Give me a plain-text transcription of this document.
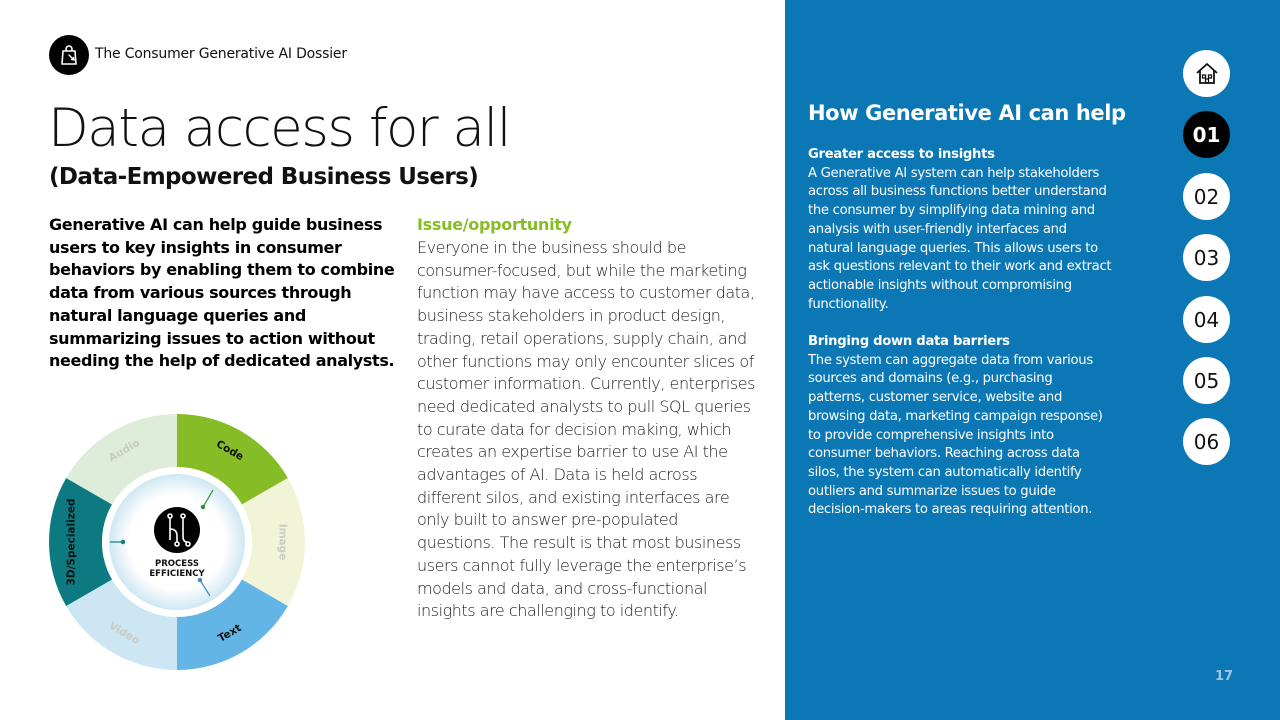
The Consumer Generative AI Dossier
Data access for all
(Data-Empowered Business Users)

Generative AI can help guide business users to key insights in consumer behaviors by enabling them to combine data from various sources through natural language queries and summarizing issues to action without needing the help of dedicated analysts.

Issue/opportunity

Everyone in the business should be consumer-focused, but while the marketing function may have access to customer data, business stakeholders in product design, trading, retail operations, supply chain, and other functions may only encounter slices of customer information. Currently, enterprises need dedicated analysts to pull SQL queries to curate data for decision making, which creates an expertise barrier to use AI the advantages of AI. Data is held across different silos, and existing interfaces are only built to answer pre-populated questions. The result is that most business users cannot fully leverage the enterprise’s models and data, and cross-functional insights are challenging to identify.

PROCESS
EFFICIENCY
Code
Image
Text
Video
3D/Specialized
Audio
How Generative AI can help
Greater access to insights
A Generative AI system can help stakeholders across all business functions better understand the consumer by simplifying data mining and analysis with user-friendly interfaces and natural language queries. This allows users to ask questions relevant to their work and extract actionable insights without compromising functionality.
Bringing down data barriers
The system can aggregate data from various sources and domains (e.g., purchasing patterns, customer service, website and browsing data, marketing campaign response) to provide comprehensive insights into consumer behaviors. Reaching across data silos, the system can automatically identify outliers and summarize issues to guide decision-makers to areas requiring attention.
01
02
03
04
05
06
17
